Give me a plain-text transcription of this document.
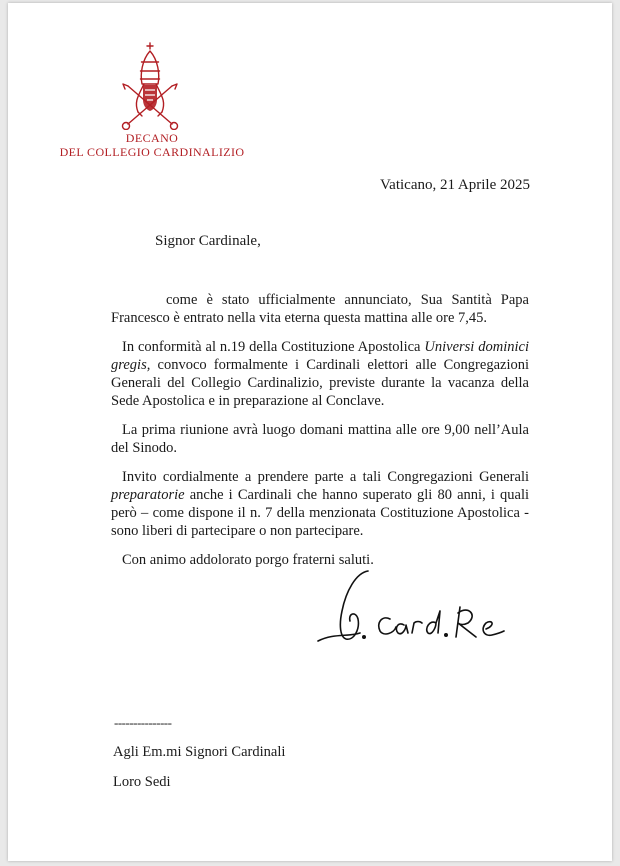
DECANO
DEL COLLEGIO CARDINALIZIO
Vaticano, 21 Aprile 2025
Signor Cardinale,

come è stato ufficialmente annunciato, Sua Santità Papa Francesco è entrato nella vita eterna questa mattina alle ore 7,45.

In conformità al n.19 della Costituzione Apostolica Universi dominici gregis, convoco formalmente i Cardinali elettori alle Congregazioni Generali del Collegio Cardinalizio, previste durante la vacanza della Sede Apostolica e in preparazione al Conclave.

La prima riunione avrà luogo domani mattina alle ore 9,00 nell’Aula del Sinodo.

Invito cordialmente a prendere parte a tali Congregazioni Generali preparatorie anche i Cardinali che hanno superato gli 80 anni, i quali però – come dispone il n. 7 della menzionata Costituzione Apostolica - sono liberi di partecipare o non partecipare.

Con animo addolorato porgo fraterni saluti.

---------------
Agli Em.mi Signori Cardinali
Loro Sedi
